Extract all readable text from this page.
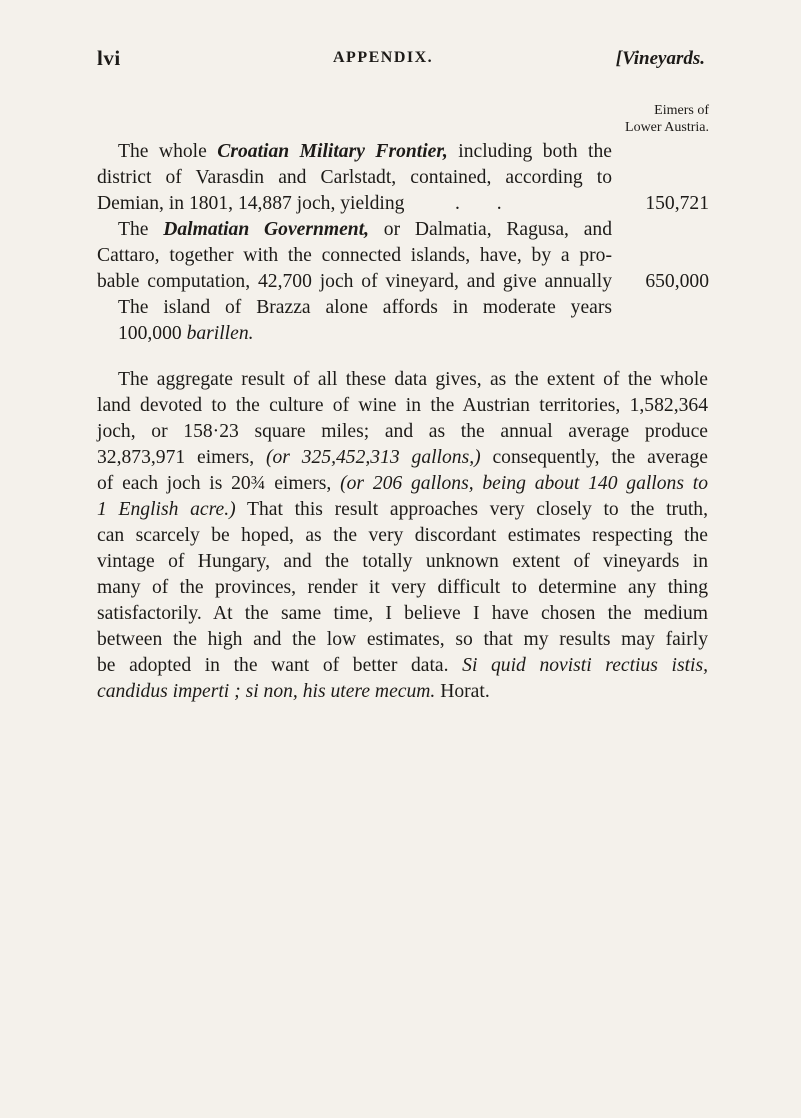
lvi	APPENDIX.	[Vineyards.
Eimers of
Lower Austria.
The whole Croatian Military Frontier, including both the
district of Varasdin and Carlstadt, contained, according to
Demian, in 1801, 14,887 joch, yielding	. .	150,721
The Dalmatian Government, or Dalmatia, Ragusa, and
Cattaro, together with the connected islands, have, by a pro-
bable computation, 42,700 joch of vineyard, and give annually 650,000
The island of Brazza alone affords in moderate years
100,000 barillen.
The aggregate result of all these data gives, as the extent of the whole
land devoted to the culture of wine in the Austrian territories, 1,582,364
joch, or 158·23 square miles; and as the annual average produce
32,873,971 eimers, (or 325,452,313 gallons,) consequently, the average
of each joch is 20¾ eimers, (or 206 gallons, being about 140 gallons to
1 English acre.) That this result approaches very closely to the truth,
can scarcely be hoped, as the very discordant estimates respecting the
vintage of Hungary, and the totally unknown extent of vineyards in
many of the provinces, render it very difficult to determine any thing
satisfactorily. At the same time, I believe I have chosen the medium
between the high and the low estimates, so that my results may fairly
be adopted in the want of better data. Si quid novisti rectius istis,
candidus imperti ; si non, his utere mecum. Horat.
